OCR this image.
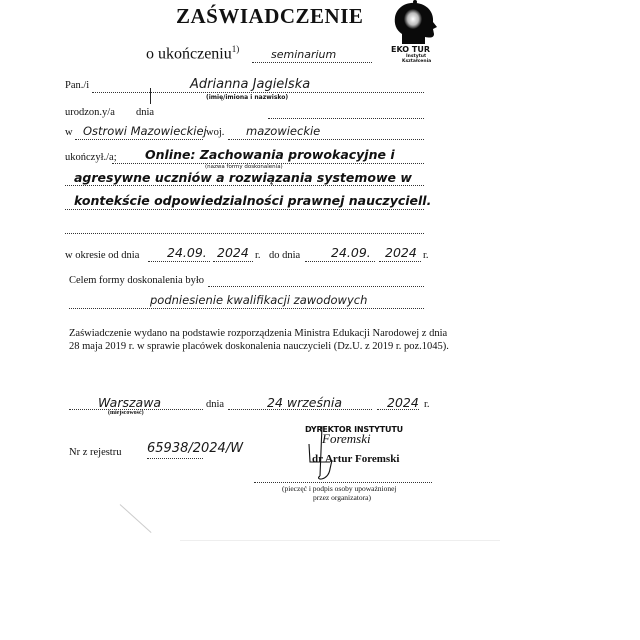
ZAŚWIADCZENIE
o ukończeniu$^{1)}$	seminarium	EKO TUR
Instytut
Kształcenia
Pan./i	Adrianna Jagielska
(imię/imiona i nazwisko)
urodzon.y/a dnia
w Ostrowi Mazowieckiej woj. mazowieckie
ukończył./a; Online: Zachowania prowokacyjne i
(nazwa formy doskonalenia)
agresywne uczniów a rozwiązania systemowe w
kontekście odpowiedzialności prawnej nauczyciell.
w okresie od dnia 24.09. 2024 r. do dnia 24.09. 2024 r.
Celem formy doskonalenia było
podniesienie kwalifikacji zawodowych
Zaświadczenie wydano na podstawie rozporządzenia Ministra Edukacji Narodowej z dnia 28 maja 2019 r. w sprawie placówek doskonalenia nauczycieli (Dz.U. z 2019 r. poz.1045).
Warszawa
(miejscowość)
dnia	24 września	2024 r.
Nr z rejestru 65938/2024/W
DYREKTOR INSTYTUTU
Foremski
dr Artur Foremski
(pieczęć i podpis osoby upoważnionej
przez organizatora)
